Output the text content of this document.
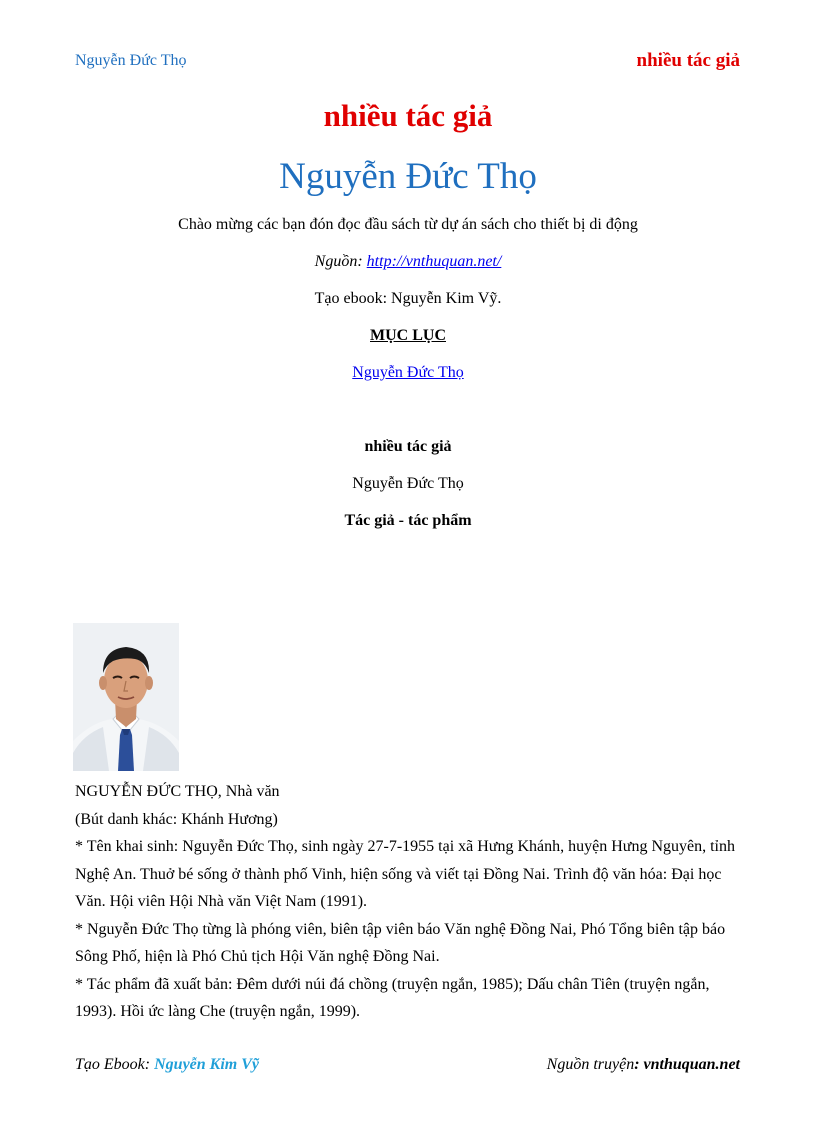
Nguyễn Đức Thọ	nhiều tác giả
nhiều tác giả
Nguyễn Đức Thọ
Chào mừng các bạn đón đọc đầu sách từ dự án sách cho thiết bị di động
Nguồn: http://vnthuquan.net/
Tạo ebook: Nguyễn Kim Vỹ.
MỤC LỤC
Nguyễn Đức Thọ
nhiều tác giả
Nguyễn Đức Thọ
Tác giả - tác phẩm

NGUYỄN ĐỨC THỌ, Nhà văn

(Bút danh khác: Khánh Hương)

* Tên khai sinh: Nguyễn Đức Thọ, sinh ngày 27-7-1955 tại xã Hưng Khánh, huyện Hưng Nguyên, tỉnh Nghệ An. Thuở bé sống ở thành phố Vinh, hiện sống và viết tại Đồng Nai. Trình độ văn hóa: Đại học Văn. Hội viên Hội Nhà văn Việt Nam (1991).

* Nguyễn Đức Thọ từng là phóng viên, biên tập viên báo Văn nghệ Đồng Nai, Phó Tổng biên tập báo Sông Phố, hiện là Phó Chủ tịch Hội Văn nghệ Đồng Nai.

* Tác phẩm đã xuất bản: Đêm dưới núi đá chồng (truyện ngắn, 1985); Dấu chân Tiên (truyện ngắn, 1993). Hồi ức làng Che (truyện ngắn, 1999).

Tạo Ebook: Nguyễn Kim Vỹ	Nguồn truyện: vnthuquan.net
